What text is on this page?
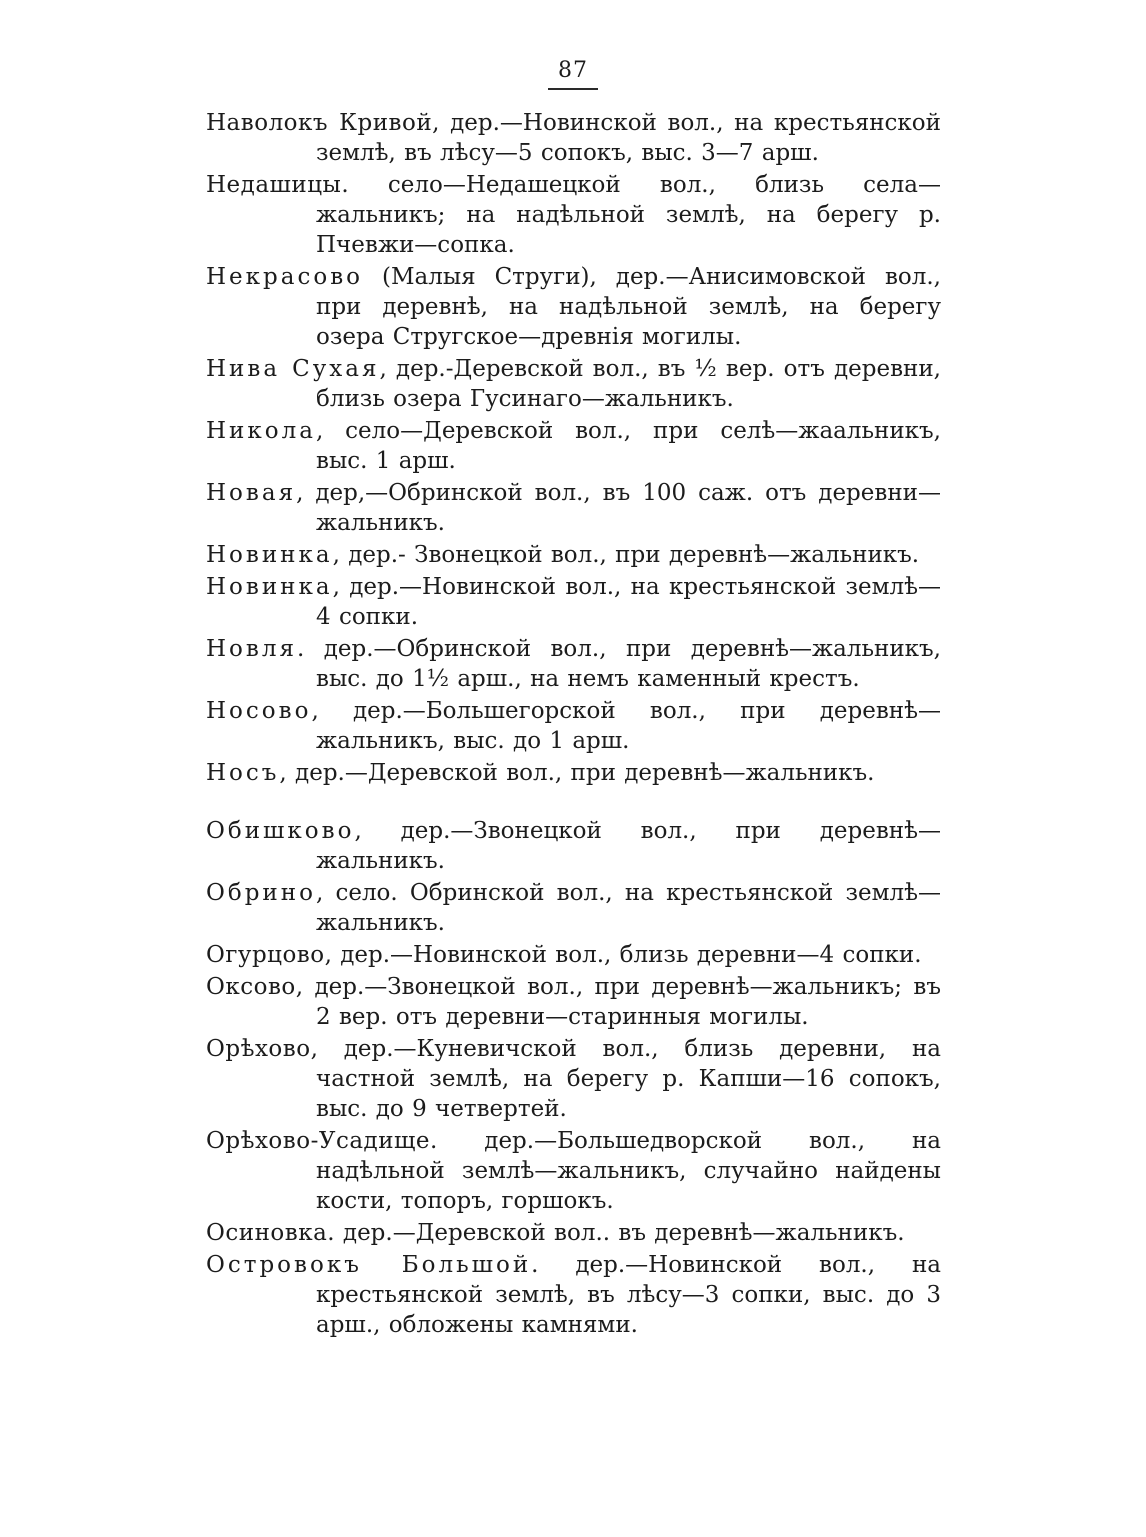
87

Наволокъ Кривой, дер.—Новинской вол., на крестьянской землѣ, въ лѣсу—5 сопокъ, выс. 3—7 арш.

Недашицы. село—Недашецкой вол., близь села—жальникъ; на надѣльной землѣ, на берегу р. Пчевжи—сопка.

Некрасово (Малыя Струги), дер.—Анисимовской вол., при деревнѣ, на надѣльной землѣ, на берегу озера Стругское—древнія могилы.

Нива Сухая, дер.-Деревской вол., въ ½ вер. отъ деревни, близь озера Гусинаго—жальникъ.

Никола, село—Деревской вол., при селѣ—жаальникъ, выс. 1 арш.

Новая, дер,—Обринской вол., въ 100 саж. отъ деревни—жальникъ.

Новинка, дер.- Звонецкой вол., при деревнѣ—жальникъ.

Новинка, дер.—Новинской вол., на крестьянской землѣ—4 сопки.

Новля. дер.—Обринской вол., при деревнѣ—жальникъ, выс. до 1½ арш., на немъ каменный крестъ.

Носово, дер.—Большегорской вол., при деревнѣ—жальникъ, выс. до 1 арш.

Носъ, дер.—Деревской вол., при деревнѣ—жальникъ.

Обишково, дер.—Звонецкой вол., при деревнѣ—жальникъ.

Обрино, село. Обринской вол., на крестьянской землѣ—жальникъ.

Огурцово, дер.—Новинской вол., близь деревни—4 сопки.

Оксово, дер.—Звонецкой вол., при деревнѣ—жальникъ; въ 2 вер. отъ деревни—старинныя могилы.

Орѣхово, дер.—Куневичской вол., близь деревни, на частной землѣ, на берегу р. Капши—16 сопокъ, выс. до 9 четвертей.

Орѣхово-Усадище. дер.—Большедворской вол., на надѣльной землѣ—жальникъ, случайно найдены кости, топоръ, горшокъ.

Осиновка. дер.—Деревской вол.. въ деревнѣ—жальникъ.

Островокъ Большой. дер.—Новинской вол., на крестьянской землѣ, въ лѣсу—3 сопки, выс. до 3 арш., обложены камнями.
